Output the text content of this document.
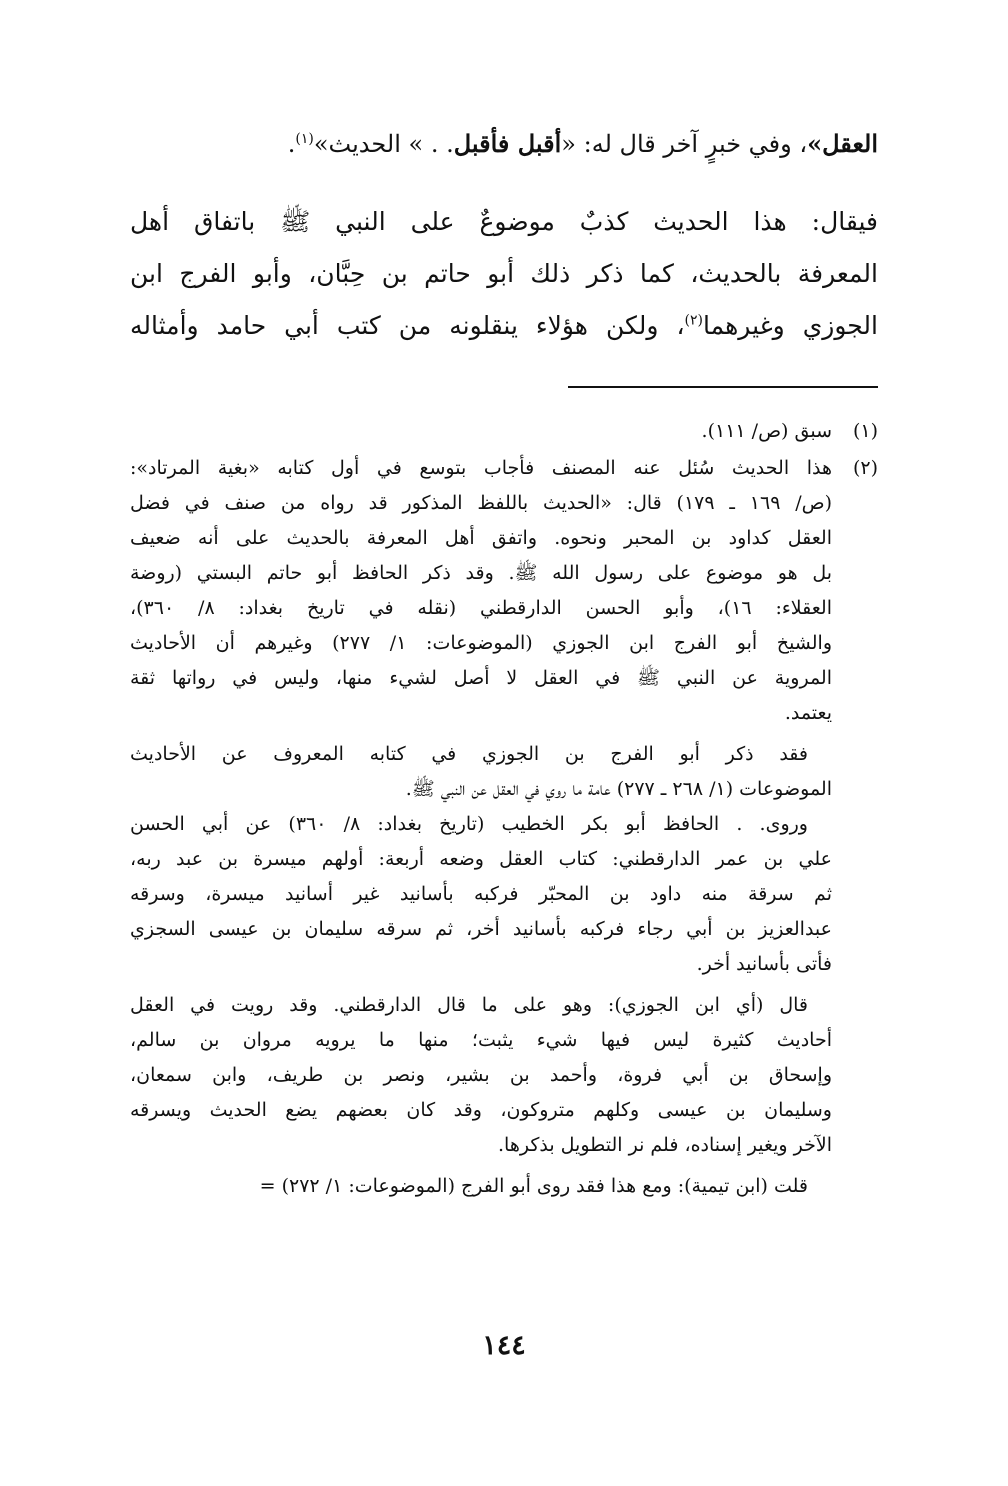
العقل»، وفي خبرٍ آخر قال له: «أقبل فأقبل. . » الحديث»$^{(١)}$.

فيقال: هذا الحديث كذبٌ موضوعٌ على النبي ﷺ باتفاق أهل
المعرفة بالحديث، كما ذكر ذلك أبو حاتم بن حِبَّان، وأبو الفرج ابن
الجوزي وغيرهما$^{(٢)}$، ولكن هؤلاء ينقلونه من كتب أبي حامد وأمثاله
(١)
سبق (ص/ ١١١).
(٢)
هذا الحديث سُئل عنه المصنف فأجاب بتوسع في أول كتابه «بغية المرتاد»:
(ص/ ١٦٩ ـ ١٧٩) قال: «الحديث باللفظ المذكور قد رواه من صنف في فضل
العقل كداود بن المحبر ونحوه. واتفق أهل المعرفة بالحديث على أنه ضعيف
بل هو موضوع على رسول الله ﷺ. وقد ذكر الحافظ أبو حاتم البستي (روضة
العقلاء: ١٦)، وأبو الحسن الدارقطني (نقله في تاريخ بغداد: ٨/ ٣٦٠)،
والشيخ أبو الفرج ابن الجوزي (الموضوعات: ١/ ٢٧٧) وغيرهم أن الأحاديث
المروية عن النبي ﷺ في العقل لا أصل لشيء منها، وليس في رواتها ثقة
يعتمد.
فقد ذكر أبو الفرج بن الجوزي في كتابه المعروف عن الأحاديث
الموضوعات (١/ ٢٦٨ ـ ٢٧٧) عامة ما روي في العقل عن النبي ﷺ.
وروى. . الحافظ أبو بكر الخطيب (تاريخ بغداد: ٨/ ٣٦٠) عن أبي الحسن
علي بن عمر الدارقطني: كتاب العقل وضعه أربعة: أولهم ميسرة بن عبد ربه،
ثم سرقة منه داود بن المحبّر فركبه بأسانيد غير أسانيد ميسرة، وسرقه
عبدالعزيز بن أبي رجاء فركبه بأسانيد أخر، ثم سرقه سليمان بن عيسى السجزي
فأتى بأسانيد أخر.
قال (أي ابن الجوزي): وهو على ما قال الدارقطني. وقد رويت في العقل
أحاديث كثيرة ليس فيها شيء يثبت؛ منها ما يرويه مروان بن سالم،
وإسحاق بن أبي فروة، وأحمد بن بشير، ونصر بن طريف، وابن سمعان،
وسليمان بن عيسى وكلهم متروكون، وقد كان بعضهم يضع الحديث ويسرقه
الآخر ويغير إسناده، فلم نر التطويل بذكرها.
قلت (ابن تيمية): ومع هذا فقد روى أبو الفرج (الموضوعات: ١/ ٢٧٢) =
١٤٤
